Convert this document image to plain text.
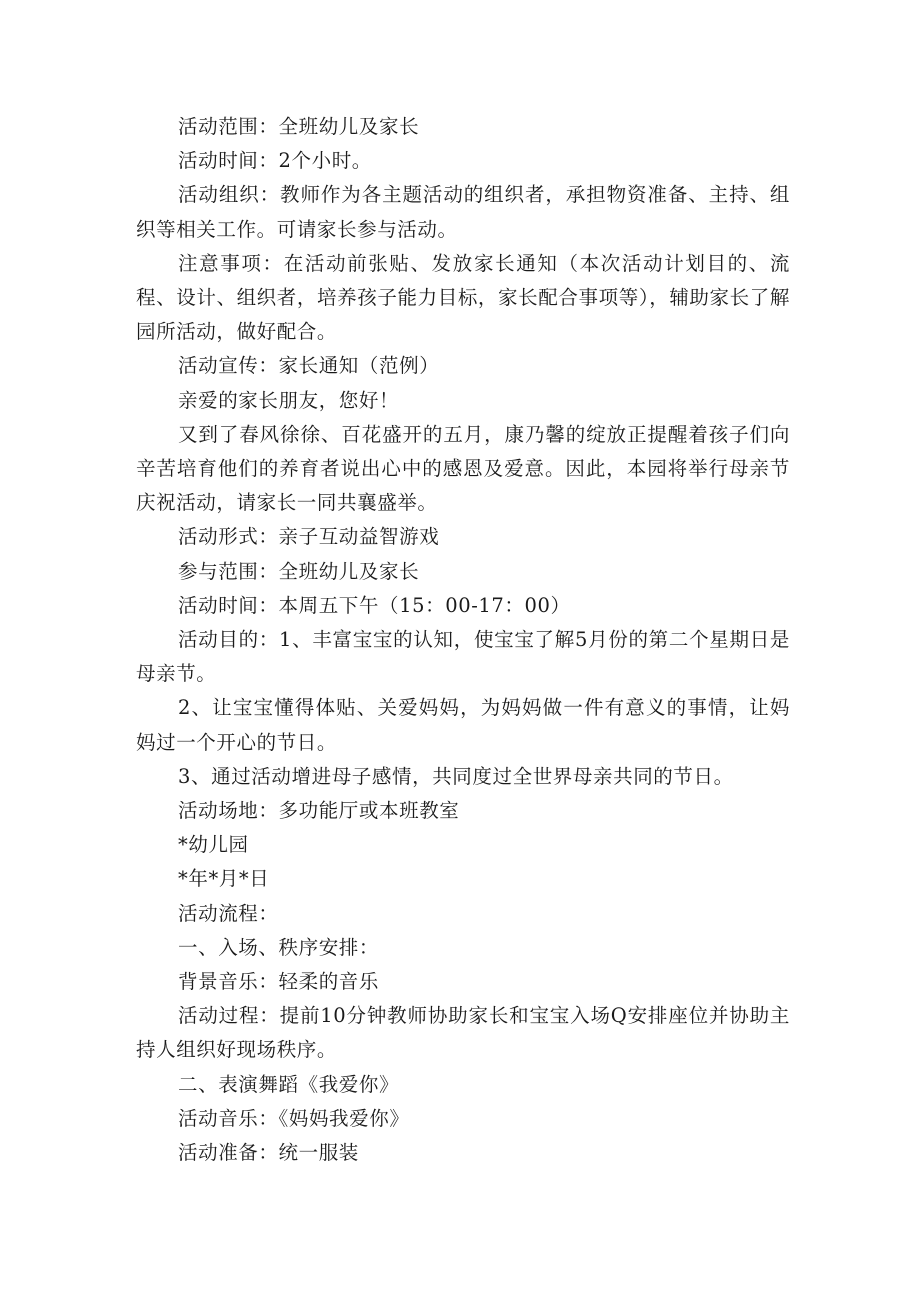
活动范围：全班幼儿及家长

活动时间：2个小时。

活动组织：教师作为各主题活动的组织者，承担物资准备、主持、组织等相关工作。可请家长参与活动。

注意事项：在活动前张贴、发放家长通知（本次活动计划目的、流程、设计、组织者，培养孩子能力目标，家长配合事项等），辅助家长了解园所活动，做好配合。

活动宣传：家长通知（范例）

亲爱的家长朋友，您好！

又到了春风徐徐、百花盛开的五月，康乃馨的绽放正提醒着孩子们向辛苦培育他们的养育者说出心中的感恩及爱意。因此，本园将举行母亲节庆祝活动，请家长一同共襄盛举。

活动形式：亲子互动益智游戏

参与范围：全班幼儿及家长

活动时间：本周五下午（15：00-17：00）

活动目的：1、丰富宝宝的认知，使宝宝了解5月份的第二个星期日是母亲节。

2、让宝宝懂得体贴、关爱妈妈，为妈妈做一件有意义的事情，让妈妈过一个开心的节日。

3、通过活动增进母子感情，共同度过全世界母亲共同的节日。

活动场地：多功能厅或本班教室

*幼儿园

*年*月*日

活动流程：

一、入场、秩序安排：

背景音乐：轻柔的音乐

活动过程：提前10分钟教师协助家长和宝宝入场Q安排座位并协助主持人组织好现场秩序。

二、表演舞蹈《我爱你》

活动音乐：《妈妈我爱你》

活动准备：统一服装
